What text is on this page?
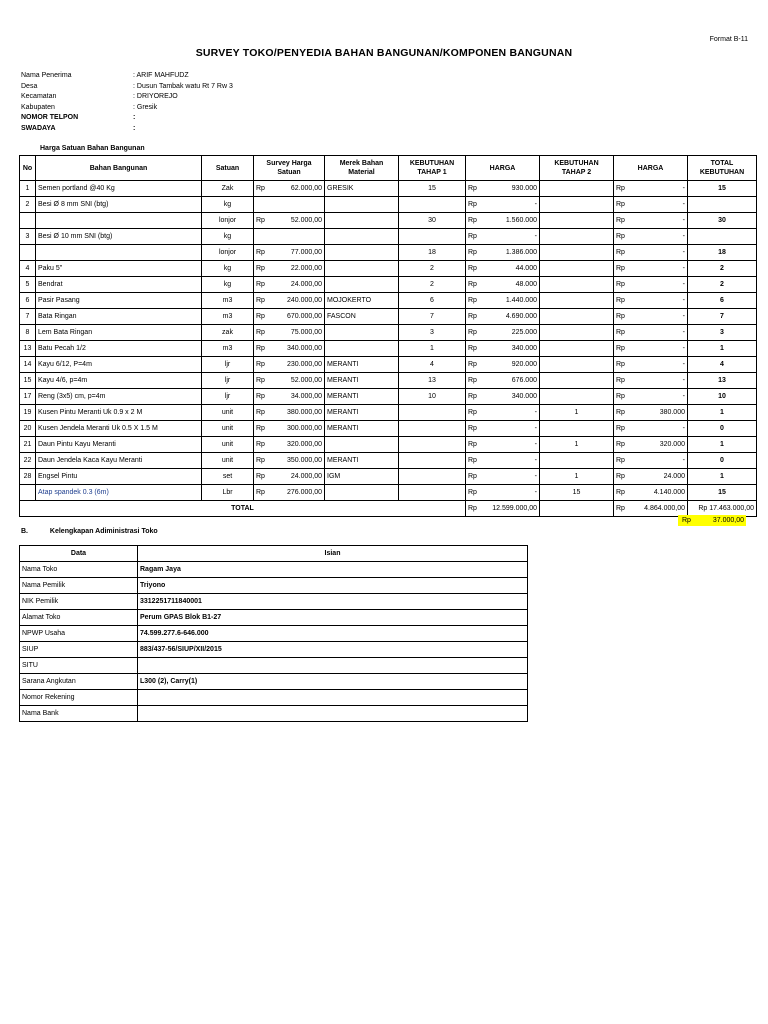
Format B-11
SURVEY TOKO/PENYEDIA BAHAN BANGUNAN/KOMPONEN BANGUNAN
Nama Penerima	: ARIF MAHFUDZ
Desa	: Dusun Tambak watu Rt 7 Rw 3
Kecamatan	: DRIYOREJO
Kabupaten	: Gresik
NOMOR TELPON	:
SWADAYA	:
Harga Satuan Bahan Bangunan
No	Bahan Bangunan	Satuan	Survey Harga Satuan		Merek Bahan Material	KEBUTUHAN TAHAP 1	HARGA		KEBUTUHAN TAHAP 2	HARGA		TOTAL KEBUTUHAN
1	Semen portland @40 Kg	Zak	Rp	62.000,00	GRESIK	15	Rp	930.000		Rp	-	15
2	Besi Ø 8 mm SNI (btg)	kg					Rp	-		Rp	-	
		lonjor	Rp	52.000,00		30	Rp	1.560.000		Rp	-	30
3	Besi Ø 10 mm SNI (btg)	kg					Rp	-		Rp	-	
		lonjor	Rp	77.000,00		18	Rp	1.386.000		Rp	-	18
4	Paku 5"	kg	Rp	22.000,00		2	Rp	44.000		Rp	-	2
5	Bendrat	kg	Rp	24.000,00		2	Rp	48.000		Rp	-	2
6	Pasir Pasang	m3	Rp	240.000,00	MOJOKERTO	6	Rp	1.440.000		Rp	-	6
7	Bata Ringan	m3	Rp	670.000,00	FASCON	7	Rp	4.690.000		Rp	-	7
8	Lem Bata Ringan	zak	Rp	75.000,00		3	Rp	225.000		Rp	-	3
13	Batu Pecah 1/2	m3	Rp	340.000,00		1	Rp	340.000		Rp	-	1
14	Kayu 6/12, P=4m	ljr	Rp	230.000,00	MERANTI	4	Rp	920.000		Rp	-	4
15	Kayu 4/6, p=4m	ljr	Rp	52.000,00	MERANTI	13	Rp	676.000		Rp	-	13
17	Reng (3x5) cm, p=4m	ljr	Rp	34.000,00	MERANTI	10	Rp	340.000		Rp	-	10
19	Kusen Pintu Meranti Uk 0.9 x 2 M	unit	Rp	380.000,00	MERANTI		Rp	-	1	Rp	380.000	1
20	Kusen Jendela Meranti Uk 0.5 X 1.5 M	unit	Rp	300.000,00	MERANTI		Rp	-		Rp	-	0
21	Daun Pintu Kayu Meranti	unit	Rp	320.000,00			Rp	-	1	Rp	320.000	1
22	Daun Jendela Kaca Kayu Meranti	unit	Rp	350.000,00	MERANTI		Rp	-		Rp	-	0
28	Engsel Pintu	set	Rp	24.000,00	IGM		Rp	-	1	Rp	24.000	1
	Atap spandek 0.3 (6m)	Lbr	Rp	276.000,00			Rp	-	15	Rp	4.140.000	15
TOTAL							Rp	12.599.000,00		Rp	4.864.000,00	Rp 17.463.000,00
Rp	37.000,00
B.	Kelengkapan Adiministrasi Toko
Data	Isian
Nama Toko	Ragam Jaya
Nama Pemilik	Triyono
NIK Pemilik	3312251711840001
Alamat Toko	Perum GPAS Blok B1-27
NPWP Usaha	74.599.277.6-646.000
SIUP	883/437-56/SIUP/XII/2015
SITU	
Sarana Angkutan	L300 (2), Carry(1)
Nomor Rekening	
Nama Bank	
